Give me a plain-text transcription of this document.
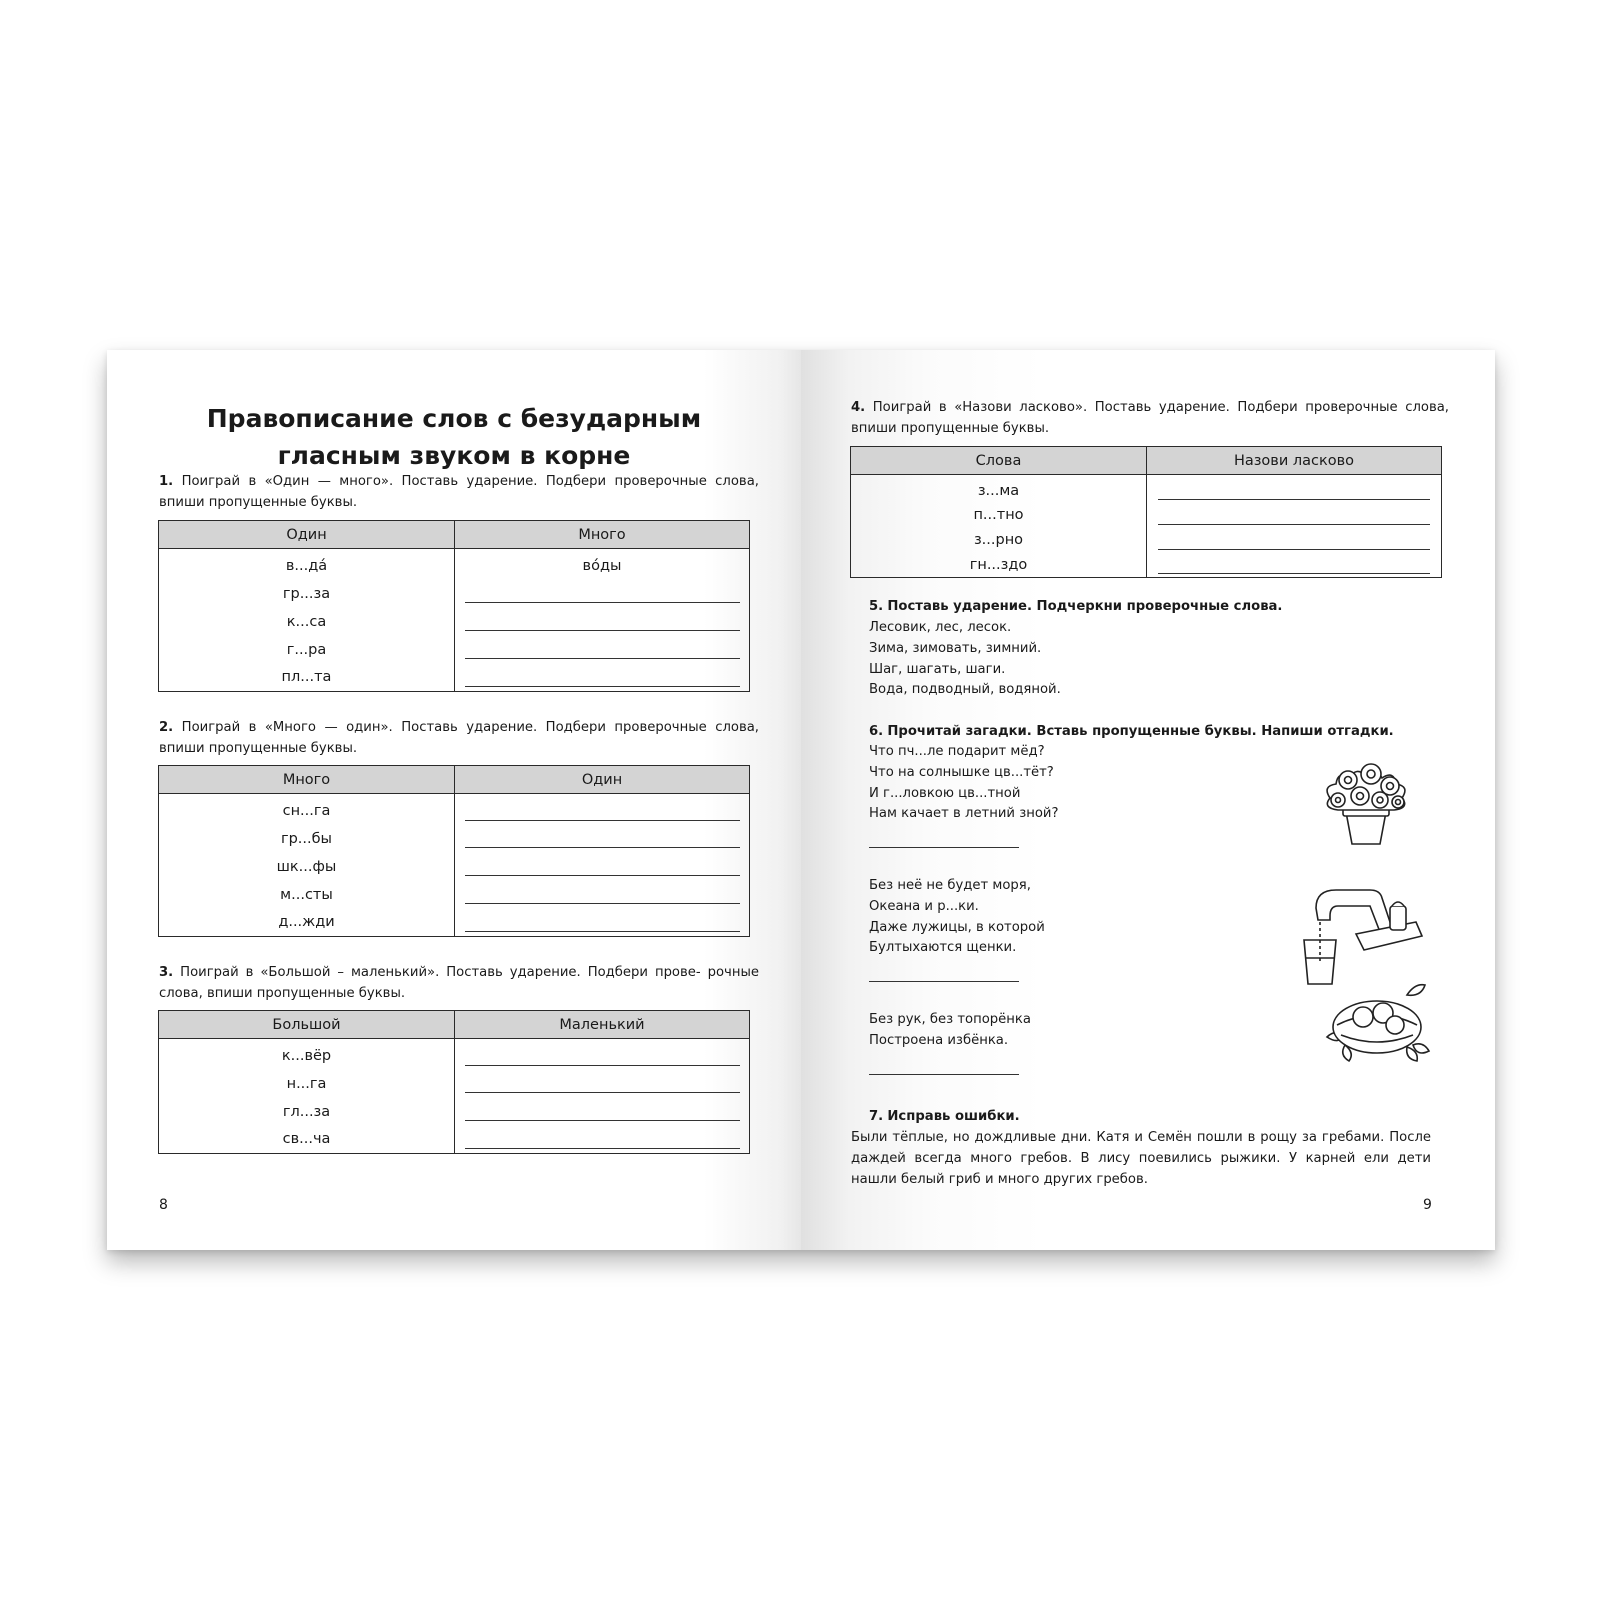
Правописание слов с безударным
гласным звуком в корне
1. Поиграй в «Один — много». Поставь ударение. Подбери проверочные слова, впиши пропущенные буквы.
Один	Много
в...да́	во́ды
гр...за	

к...са	

г...ра	

пл...та	
2. Поиграй в «Много — один». Поставь ударение. Подбери проверочные слова, впиши пропущенные буквы.
Много	Один
сн...га	

гр...бы	

шк...фы	

м...сты	

д...жди	
3. Поиграй в «Большой – маленький». Поставь ударение. Подбери прове- рочные слова, впиши пропущенные буквы.
Большой	Маленький
к...вёр	

н...га	

гл...за	

св...ча	
8
4. Поиграй в «Назови ласково». Поставь ударение. Подбери проверочные слова, впиши пропущенные буквы.
Слова	Назови ласково
з...ма	

п...тно	

з...рно	

гн...здо	
5. Поставь ударение. Подчеркни проверочные слова.
Лесовик, лес, лесок.
Зима, зимовать, зимний.
Шаг, шагать, шаги.
Вода, подводный, водяной.
6. Прочитай загадки. Вставь пропущенные буквы. Напиши отгадки.
Что пч...ле подарит мёд?
Что на солнышке цв...тёт?
И г...ловкою цв...тной
Нам качает в летний зной?
Без неё не будет моря,
Океана и р...ки.
Даже лужицы, в которой
Бултыхаются щенки.
Без рук, без топорёнка
Построена избёнка.
7. Исправь ошибки.
Были тёплые, но дождливые дни. Катя и Семён пошли в рощу за гребами. После даждей всегда много гребов. В лису поевились рыжики. У карней ели дети нашли белый гриб и много других гребов.
9
